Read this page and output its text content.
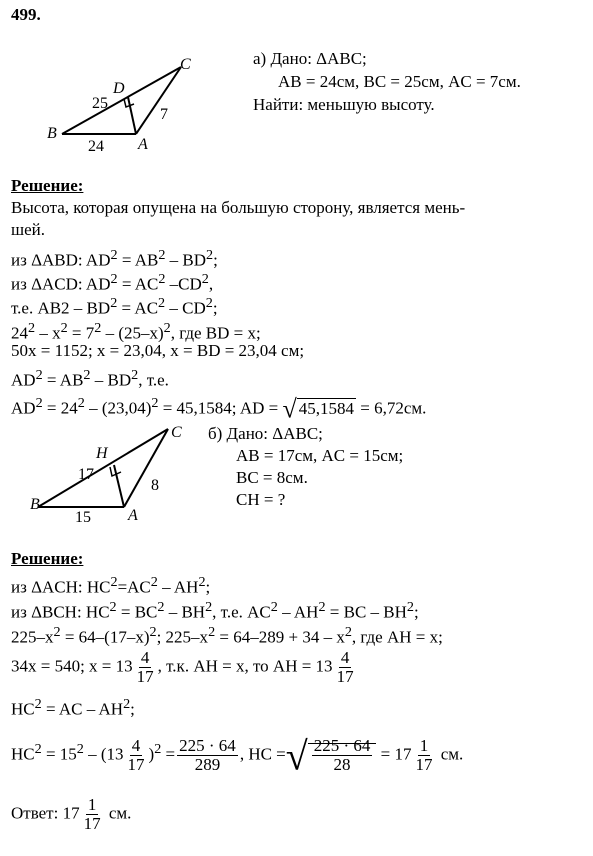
499.
B
A
C
D
25
24
7
а) Дано: ΔABC;
AB = 24см, BC = 25см, AC = 7см.
Найти: меньшую высоту.
Решение:
Высота, которая опущена на большую сторону, является мень-
шей.
из ΔABD: $AD^2 = AB^2 - BD^2$;
из ΔACD: $AD^2 = AC^2$ $-CD^2$,
т.е. $AB2 - BD^2 = AC^2 - CD^2$;
$24^2 - x^2 = 7^2 - (25-x)^2$, где BD = x;
50x = 1152; x = 23,04, x = BD = 23,04 см;
$AD^2 = AB^2 - BD^2$, т.е.
$AD^2 = 24^2 - (23,04)^2 = 45,1584$; AD = √ 45,1584 = 6,72см.
B
A
C
H
17
15
8
б) Дано: ΔABC;
AB = 17см, AC = 15см;
BC = 8см.
CH = ?
Решение:
из ΔACH: $HC^2=AC^2 - AH^2$;
из ΔBCH: $HC^2 = BC^2 - BH^2$, т.е. $AC^2 - AH^2$ = BC – $BH^2$;
$225-x^2 = 64-(17-x)^2$; $225-x^2 = 64-289 + 34 - x^2$, где AH = x;
34x = 540; $x = 13 \frac{4}{17}$ , т.к. AH = x, то AH = $13 \frac{4}{17}$
$HC^2$ = AC – $AH^2$;
$HC^2 = 15^2 - (13 \frac{4}{17} )^2 = \frac{225 \cdot 64}{289}$ , HC =√ $\frac{225 \cdot 64}{28} = 17 \frac{1}{17}$ см.
Ответ: $17 \frac{1}{17}$ см.
